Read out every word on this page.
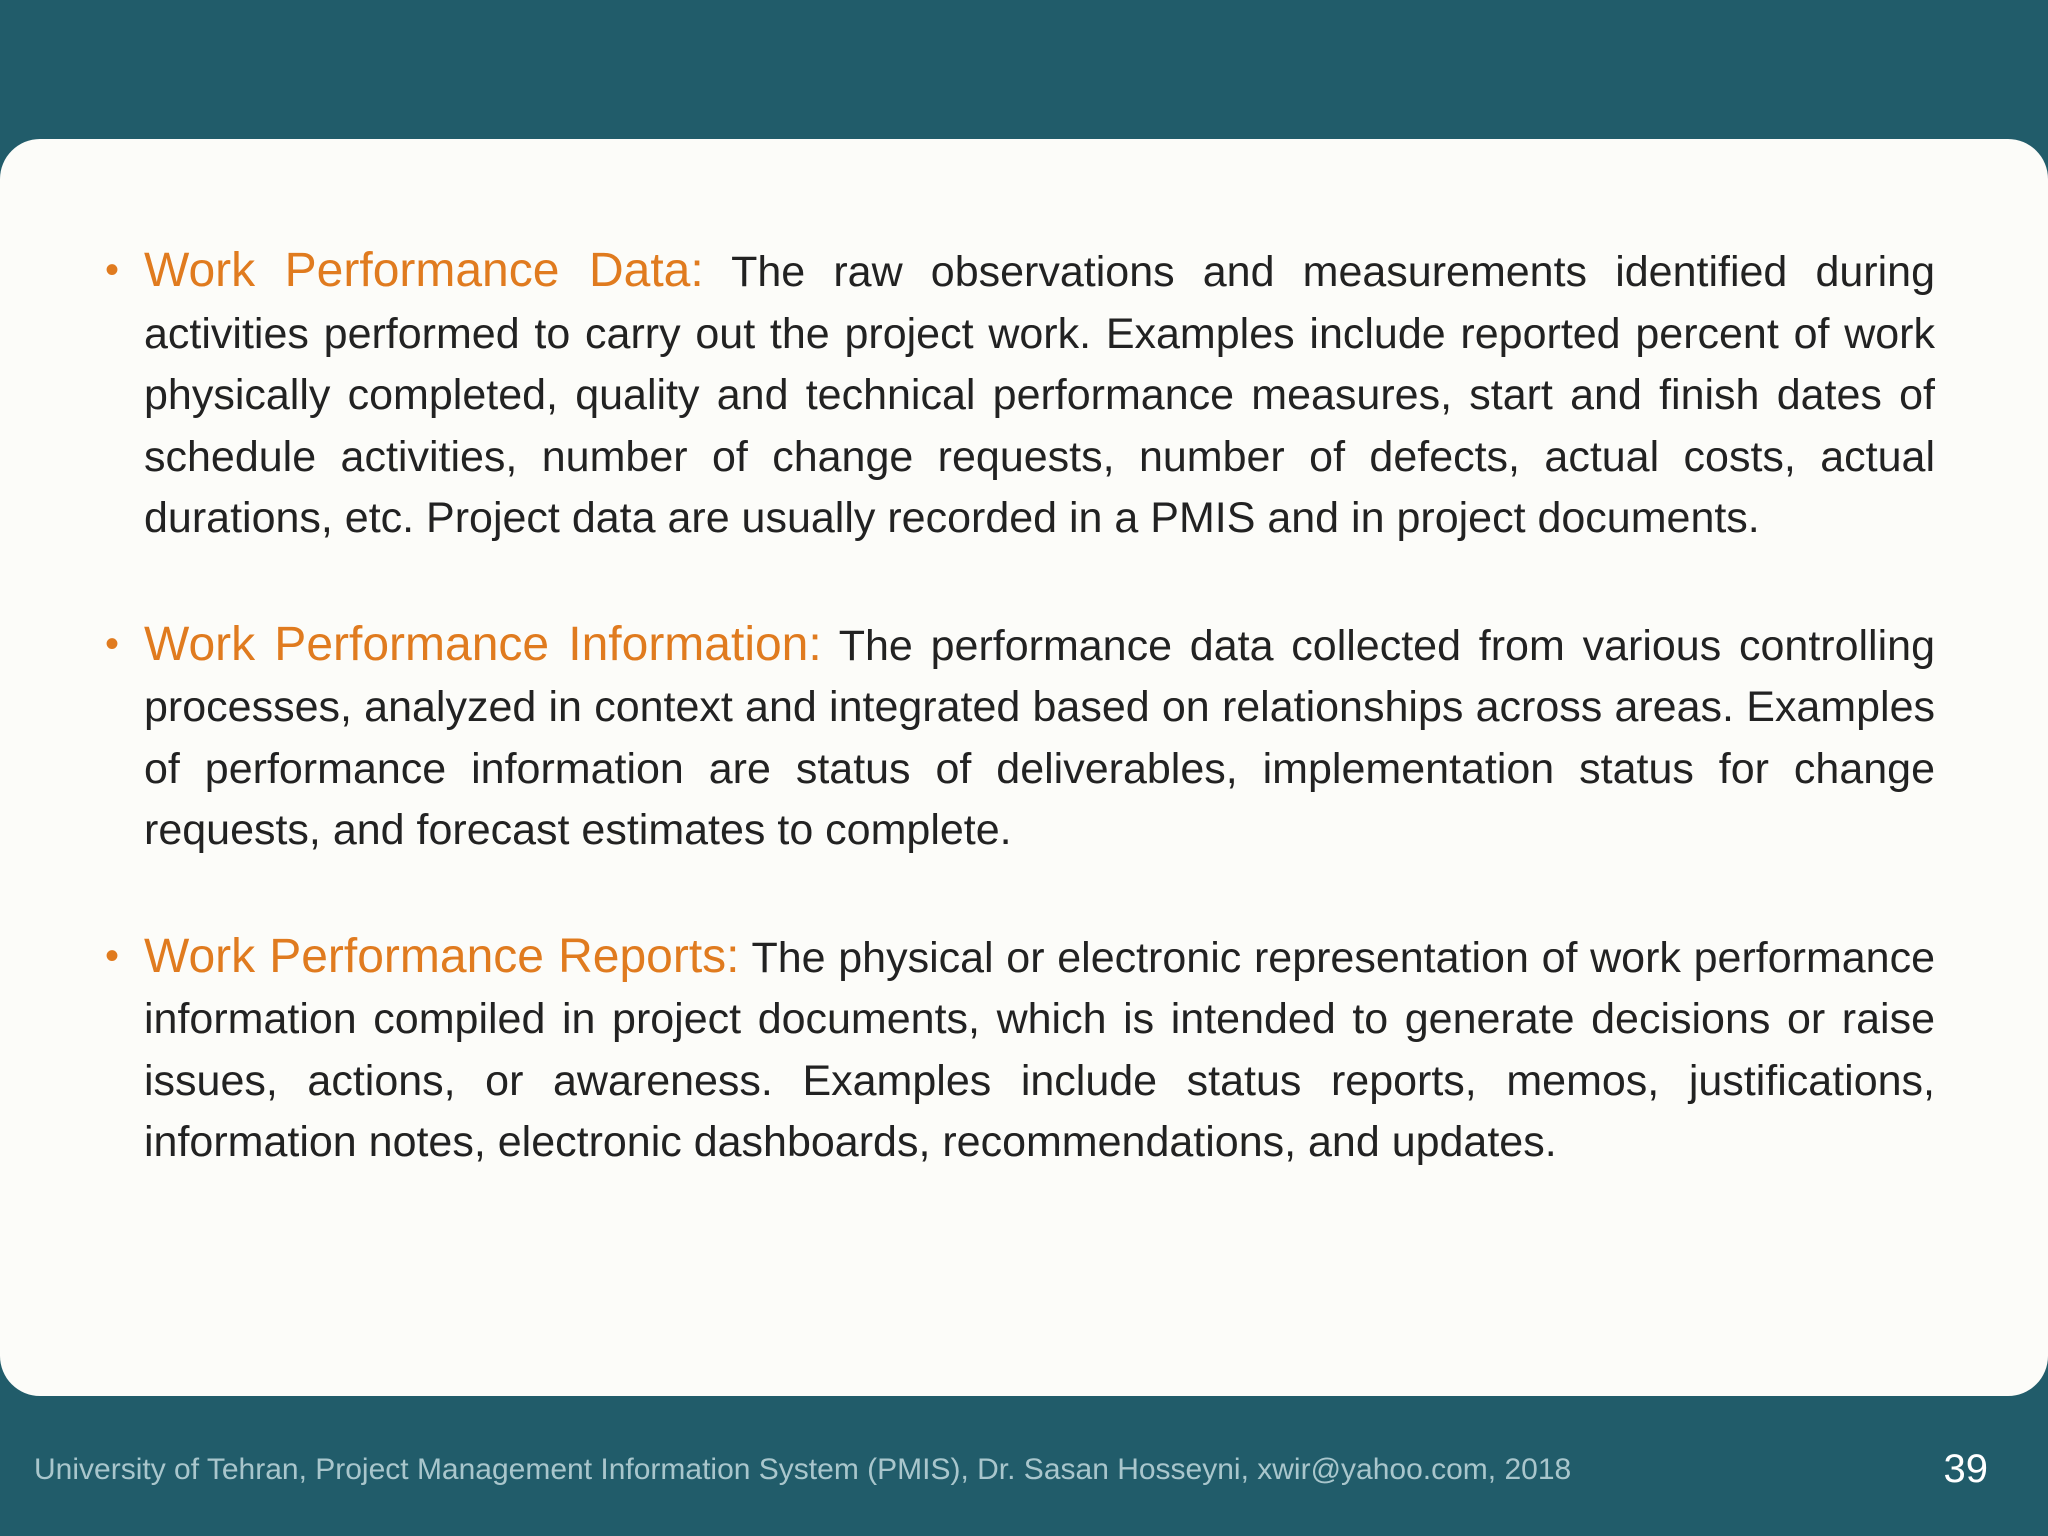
• Work Performance Data: The raw observations and measurements identified during activities performed to carry out the project work. Examples include reported percent of work physically completed, quality and technical performance measures, start and finish dates of schedule activities, number of change requests, number of defects, actual costs, actual durations, etc. Project data are usually recorded in a PMIS and in project documents.
• Work Performance Information: The performance data collected from various controlling processes, analyzed in context and integrated based on relationships across areas. Examples of performance information are status of deliverables, implementation status for change requests, and forecast estimates to complete.
• Work Performance Reports: The physical or electronic representation of work performance information compiled in project documents, which is intended to generate decisions or raise issues, actions, or awareness. Examples include status reports, memos, justifications, information notes, electronic dashboards, recommendations, and updates.
University of Tehran, Project Management Information System (PMIS), Dr. Sasan Hosseyni, xwir@yahoo.com, 2018	39
